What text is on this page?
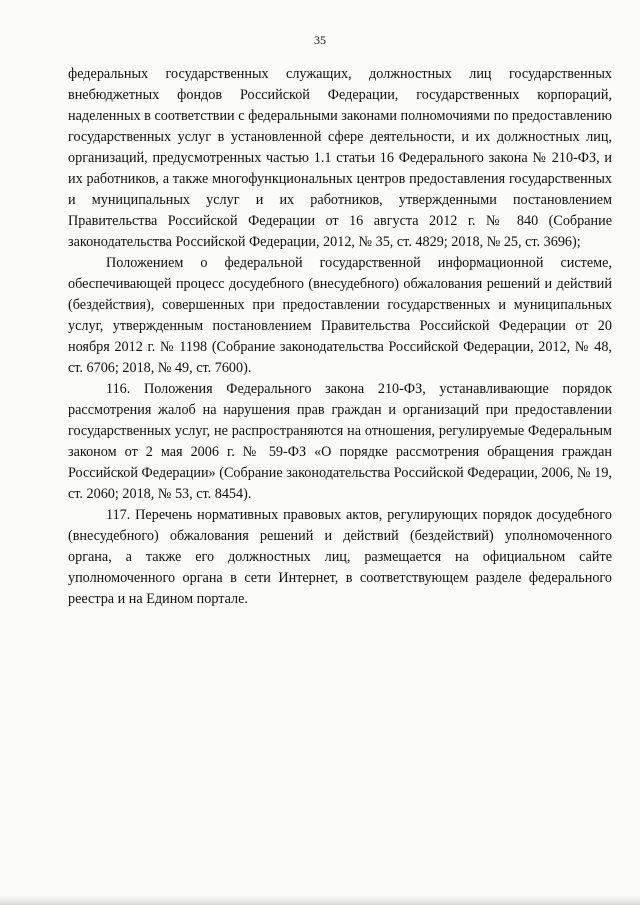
35

федеральных государственных служащих, должностных лиц государственных внебюджетных фондов Российской Федерации, государственных корпораций, наделенных в соответствии с федеральными законами полномочиями по предоставлению государственных услуг в установленной сфере деятельности, и их должностных лиц, организаций, предусмотренных частью 1.1 статьи 16 Федерального закона № 210-ФЗ, и их работников, а также многофункциональных центров предоставления государственных и муниципальных услуг и их работников, утвержденными постановлением Правительства Российской Федерации от 16 августа 2012 г. № 840 (Собрание законодательства Российской Федерации, 2012, № 35, ст. 4829; 2018, № 25, ст. 3696);

Положением о федеральной государственной информационной системе, обеспечивающей процесс досудебного (внесудебного) обжалования решений и действий (бездействия), совершенных при предоставлении государственных и муниципальных услуг, утвержденным постановлением Правительства Российской Федерации от 20 ноября 2012 г. № 1198 (Собрание законодательства Российской Федерации, 2012, № 48, ст. 6706; 2018, № 49, ст. 7600).

116. Положения Федерального закона 210-ФЗ, устанавливающие порядок рассмотрения жалоб на нарушения прав граждан и организаций при предоставлении государственных услуг, не распространяются на отношения, регулируемые Федеральным законом от 2 мая 2006 г. № 59-ФЗ «О порядке рассмотрения обращения граждан Российской Федерации» (Собрание законодательства Российской Федерации, 2006, № 19, ст. 2060; 2018, № 53, ст. 8454).

117. Перечень нормативных правовых актов, регулирующих порядок досудебного (внесудебного) обжалования решений и действий (бездействий) уполномоченного органа, а также его должностных лиц, размещается на официальном сайте уполномоченного органа в сети Интернет, в соответствующем разделе федерального реестра и на Едином портале.
